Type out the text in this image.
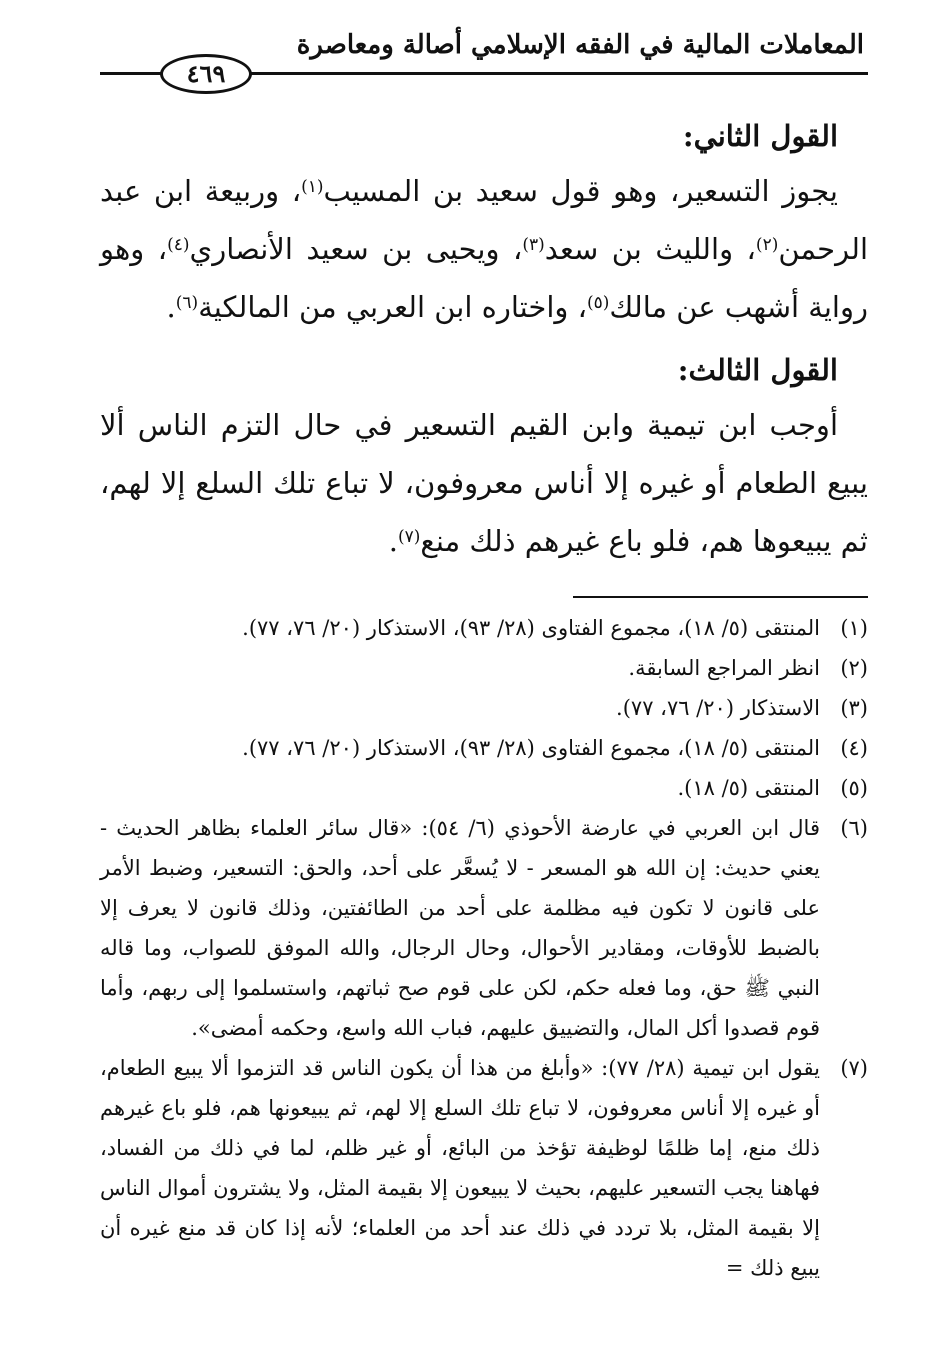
المعاملات المالية في الفقه الإسلامي أصالة ومعاصرة
٤٦٩

القول الثاني:

يجوز التسعير، وهو قول سعيد بن المسيب$^{(١)}$، وربيعة ابن عبد الرحمن$^{(٢)}$، والليث بن سعد$^{(٣)}$، ويحيى بن سعيد الأنصاري$^{(٤)}$، وهو رواية أشهب عن مالك$^{(٥)}$، واختاره ابن العربي من المالكية$^{(٦)}$.

القول الثالث:

أوجب ابن تيمية وابن القيم التسعير في حال التزم الناس ألا يبيع الطعام أو غيره إلا أناس معروفون، لا تباع تلك السلع إلا لهم، ثم يبيعوها هم، فلو باع غيرهم ذلك منع$^{(٧)}$.

(١)
المنتقى (٥/ ١٨)، مجموع الفتاوى (٢٨/ ٩٣)، الاستذكار (٢٠/ ٧٦، ٧٧).
(٢)
انظر المراجع السابقة.
(٣)
الاستذكار (٢٠/ ٧٦، ٧٧).
(٤)
المنتقى (٥/ ١٨)، مجموع الفتاوى (٢٨/ ٩٣)، الاستذكار (٢٠/ ٧٦، ٧٧).
(٥)
المنتقى (٥/ ١٨).
(٦)
قال ابن العربي في عارضة الأحوذي (٦/ ٥٤): «قال سائر العلماء بظاهر الحديث - يعني حديث: إن الله هو المسعر - لا يُسعَّر على أحد، والحق: التسعير، وضبط الأمر على قانون لا تكون فيه مظلمة على أحد من الطائفتين، وذلك قانون لا يعرف إلا بالضبط للأوقات، ومقادير الأحوال، وحال الرجال، والله الموفق للصواب، وما قاله النبي ﷺ حق، وما فعله حكم، لكن على قوم صح ثباتهم، واستسلموا إلى ربهم، وأما قوم قصدوا أكل المال، والتضييق عليهم، فباب الله واسع، وحكمه أمضى».
(٧)
يقول ابن تيمية (٢٨/ ٧٧): «وأبلغ من هذا أن يكون الناس قد التزموا ألا يبيع الطعام، أو غيره إلا أناس معروفون، لا تباع تلك السلع إلا لهم، ثم يبيعونها هم، فلو باع غيرهم ذلك منع، إما ظلمًا لوظيفة تؤخذ من البائع، أو غير ظلم، لما في ذلك من الفساد، فهاهنا يجب التسعير عليهم، بحيث لا يبيعون إلا بقيمة المثل، ولا يشترون أموال الناس إلا بقيمة المثل، بلا تردد في ذلك عند أحد من العلماء؛ لأنه إذا كان قد منع غيره أن يبيع ذلك =
